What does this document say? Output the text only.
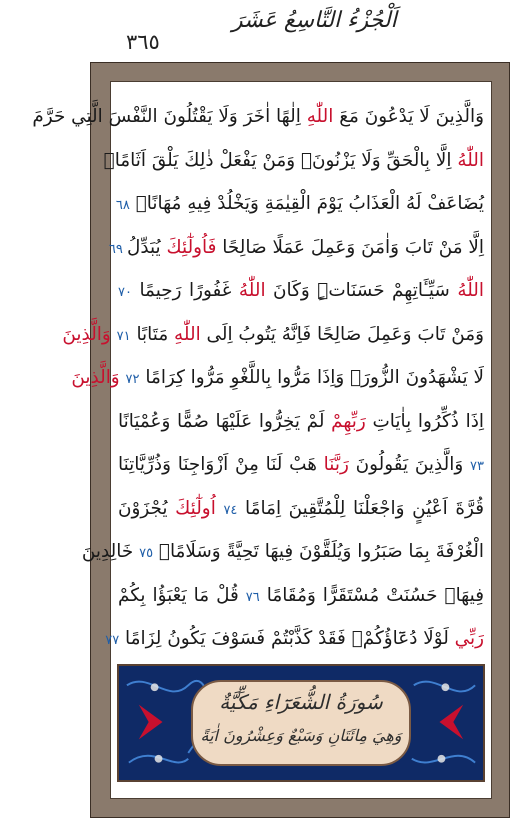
اَلْجُزْءُ التَّاسِعُ عَشَرَ
٣٦٥
وَالَّذِينَ لَا يَدْعُونَ مَعَ اللّٰهِ اِلٰهًا اٰخَرَ وَلَا يَقْتُلُونَ النَّفْسَ الَّتِي حَرَّمَ
اللّٰهُ اِلَّا بِالْحَقِّ وَلَا يَزْنُونَۚ وَمَنْ يَفْعَلْ ذٰلِكَ يَلْقَ اَثَامًاۙ
يُضَاعَفْ لَهُ الْعَذَابُ يَوْمَ الْقِيٰمَةِ وَيَخْلُدْ فِيهِ مُهَانًاۗ ٦٨
اِلَّا مَنْ تَابَ وَاٰمَنَ وَعَمِلَ عَمَلًا صَالِحًا فَاُولٰٓئِكَ يُبَدِّلُ ٦٩
اللّٰهُ سَيِّـَٔاتِهِمْ حَسَنَاتٍۜ وَكَانَ اللّٰهُ غَفُورًا رَحِيمًا ٧٠
وَمَنْ تَابَ وَعَمِلَ صَالِحًا فَاِنَّهُ يَتُوبُ اِلَى اللّٰهِ مَتَابًا ٧١ وَالَّذِينَ
لَا يَشْهَدُونَ الزُّورَۙ وَاِذَا مَرُّوا بِاللَّغْوِ مَرُّوا كِرَامًا ٧٢ وَالَّذِينَ
اِذَا ذُكِّرُوا بِاٰيَاتِ رَبِّهِمْ لَمْ يَخِرُّوا عَلَيْهَا صُمًّا وَعُمْيَانًا
٧٣ وَالَّذِينَ يَقُولُونَ رَبَّنَا هَبْ لَنَا مِنْ اَزْوَاجِنَا وَذُرِّيَّاتِنَا
قُرَّةَ اَعْيُنٍ وَاجْعَلْنَا لِلْمُتَّقِينَ اِمَامًا ٧٤ اُولٰٓئِكَ يُجْزَوْنَ
الْغُرْفَةَ بِمَا صَبَرُوا وَيُلَقَّوْنَ فِيهَا تَحِيَّةً وَسَلَامًاۙ ٧٥ خَالِدِينَ
فِيهَاۜ حَسُنَتْ مُسْتَقَرًّا وَمُقَامًا ٧٦ قُلْ مَا يَعْبَؤُا بِكُمْ
رَبِّي لَوْلَا دُعَٓاؤُكُمْۚ فَقَدْ كَذَّبْتُمْ فَسَوْفَ يَكُونُ لِزَامًا ٧٧
سُورَةُ الشُّعَرَٓاءِ مَكِّيَّةٌ
وَهِيَ مِائَتَانِ وَسَبْعٌ وَعِشْرُونَ اٰيَةً
